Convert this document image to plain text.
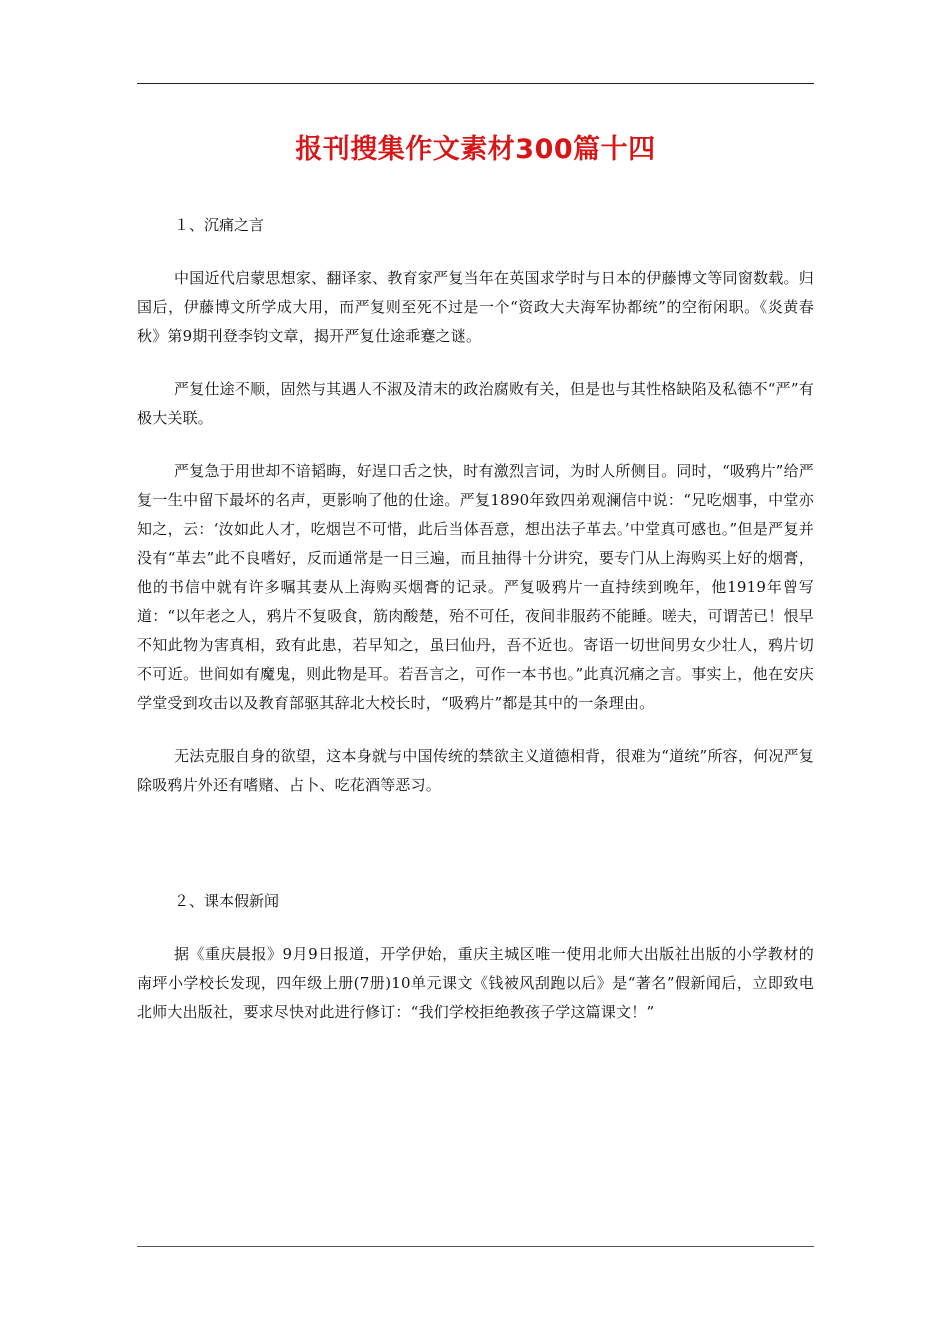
报刊搜集作文素材300篇十四

１、沉痛之言

中国近代启蒙思想家、翻译家、教育家严复当年在英国求学时与日本的伊藤博文等同窗数载。归国后，伊藤博文所学成大用，而严复则至死不过是一个“资政大夫海军协都统”的空衔闲职。《炎黄春秋》第9期刊登李钧文章，揭开严复仕途乖蹇之谜。

严复仕途不顺，固然与其遇人不淑及清末的政治腐败有关，但是也与其性格缺陷及私德不“严”有极大关联。

严复急于用世却不谙韬晦，好逞口舌之快，时有激烈言词，为时人所侧目。同时，“吸鸦片”给严复一生中留下最坏的名声，更影响了他的仕途。严复1890年致四弟观澜信中说：“兄吃烟事，中堂亦知之，云：‘汝如此人才，吃烟岂不可惜，此后当体吾意，想出法子革去。’中堂真可感也。”但是严复并没有“革去”此不良嗜好，反而通常是一日三遍，而且抽得十分讲究，要专门从上海购买上好的烟膏，他的书信中就有许多嘱其妻从上海购买烟膏的记录。严复吸鸦片一直持续到晚年，他1919年曾写道：“以年老之人，鸦片不复吸食，筋肉酸楚，殆不可任，夜间非服药不能睡。嗟夫，可谓苦已！恨早不知此物为害真相，致有此患，若早知之，虽曰仙丹，吾不近也。寄语一切世间男女少壮人，鸦片切不可近。世间如有魔鬼，则此物是耳。若吾言之，可作一本书也。”此真沉痛之言。事实上，他在安庆学堂受到攻击以及教育部驱其辞北大校长时，“吸鸦片”都是其中的一条理由。

无法克服自身的欲望，这本身就与中国传统的禁欲主义道德相背，很难为“道统”所容，何况严复除吸鸦片外还有嗜赌、占卜、吃花酒等恶习。

２、课本假新闻

据《重庆晨报》9月9日报道，开学伊始，重庆主城区唯一使用北师大出版社出版的小学教材的南坪小学校长发现，四年级上册(7册)10单元课文《钱被风刮跑以后》是“著名”假新闻后，立即致电北师大出版社，要求尽快对此进行修订：“我们学校拒绝教孩子学这篇课文！”
